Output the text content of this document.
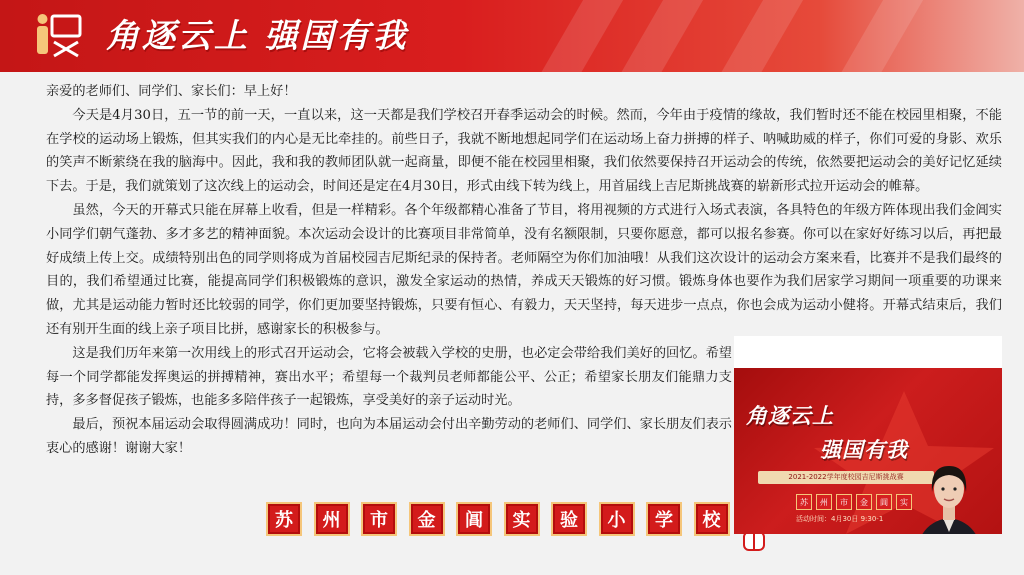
角逐云上 强国有我

亲爱的老师们、同学们、家长们：早上好！

今天是4月30日，五一节的前一天，一直以来，这一天都是我们学校召开春季运动会的时候。然而，今年由于疫情的缘故，我们暂时还不能在校园里相聚，不能在学校的运动场上锻炼，但其实我们的内心是无比牵挂的。前些日子，我就不断地想起同学们在运动场上奋力拼搏的样子、呐喊助威的样子，你们可爱的身影、欢乐的笑声不断萦绕在我的脑海中。因此，我和我的教师团队就一起商量，即便不能在校园里相聚，我们依然要保持召开运动会的传统，依然要把运动会的美好记忆延续下去。于是，我们就策划了这次线上的运动会，时间还是定在4月30日，形式由线下转为线上，用首届线上吉尼斯挑战赛的崭新形式拉开运动会的帷幕。

虽然，今天的开幕式只能在屏幕上收看，但是一样精彩。各个年级都精心准备了节目，将用视频的方式进行入场式表演，各具特色的年级方阵体现出我们金阊实小同学们朝气蓬勃、多才多艺的精神面貌。本次运动会设计的比赛项目非常简单，没有名额限制，只要你愿意，都可以报名参赛。你可以在家好好练习以后，再把最好成绩上传上交。成绩特别出色的同学则将成为首届校园吉尼斯纪录的保持者。老师隔空为你们加油哦！从我们这次设计的运动会方案来看，比赛并不是我们最终的目的，我们希望通过比赛，能提高同学们积极锻炼的意识，激发全家运动的热情，养成天天锻炼的好习惯。锻炼身体也要作为我们居家学习期间一项重要的功课来做，尤其是运动能力暂时还比较弱的同学，你们更加要坚持锻炼，只要有恒心、有毅力，天天坚持，每天进步一点点，你也会成为运动小健将。开幕式结束后，我们还有别开生面的线上亲子项目比拼，感谢家长的积极参与。

这是我们历年来第一次用线上的形式召开运动会，它将会被载入学校的史册，也必定会带给我们美好的回忆。希望每一个同学都能发挥奥运的拼搏精神，赛出水平；希望每一个裁判员老师都能公平、公正；希望家长朋友们能鼎力支持，多多督促孩子锻炼，也能多多陪伴孩子一起锻炼，享受美好的亲子运动时光。

最后，预祝本届运动会取得圆满成功！同时，也向为本届运动会付出辛勤劳动的老师们、同学们、家长朋友们表示衷心的感谢！谢谢大家！

苏	州	市	金	阊	实	验	小	学	校
角逐云上
强国有我
2021-2022学年度校园吉尼斯挑战赛
苏	州	市	金	阊	实
活动时间：4月30日 9:30-1
